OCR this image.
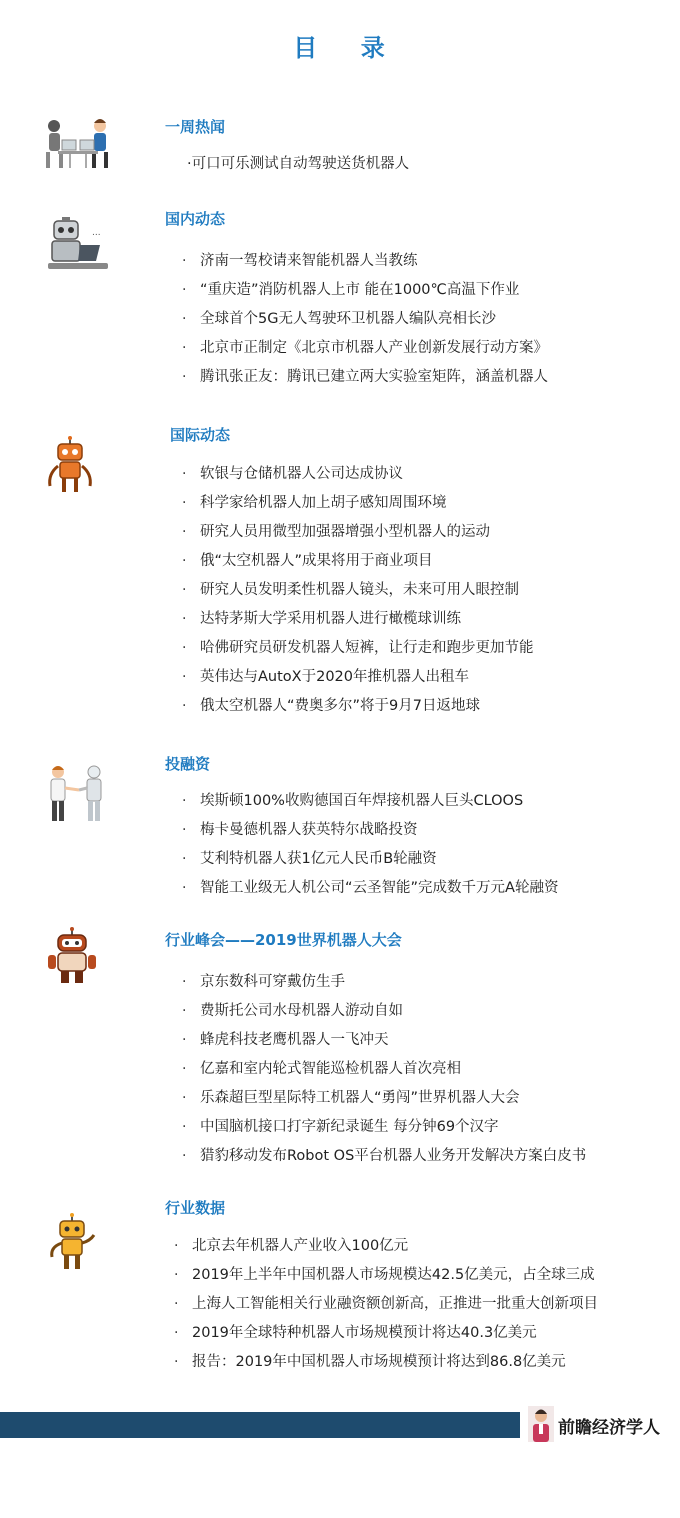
目    录
一周热闻
·可口可乐测试自动驾驶送货机器人
...
国内动态
· 济南一驾校请来智能机器人当教练
· “重庆造”消防机器人上市 能在1000℃高温下作业
· 全球首个5G无人驾驶环卫机器人编队亮相长沙
· 北京市正制定《北京市机器人产业创新发展行动方案》
· 腾讯张正友：腾讯已建立两大实验室矩阵，涵盖机器人
国际动态
· 软银与仓储机器人公司达成协议
· 科学家给机器人加上胡子感知周围环境
· 研究人员用微型加强器增强小型机器人的运动
· 俄“太空机器人”成果将用于商业项目
· 研究人员发明柔性机器人镜头，未来可用人眼控制
· 达特茅斯大学采用机器人进行橄榄球训练
· 哈佛研究员研发机器人短裤，让行走和跑步更加节能
· 英伟达与AutoX于2020年推机器人出租车
· 俄太空机器人“费奥多尔”将于9月7日返地球
投融资
· 埃斯顿100%收购德国百年焊接机器人巨头CLOOS
· 梅卡曼德机器人获英特尔战略投资
· 艾利特机器人获1亿元人民币B轮融资
· 智能工业级无人机公司“云圣智能”完成数千万元A轮融资
行业峰会——2019世界机器人大会
· 京东数科可穿戴仿生手
· 费斯托公司水母机器人游动自如
· 蜂虎科技老鹰机器人一飞冲天
· 亿嘉和室内轮式智能巡检机器人首次亮相
· 乐森超巨型星际特工机器人“勇闯”世界机器人大会
· 中国脑机接口打字新纪录诞生 每分钟69个汉字
· 猎豹移动发布Robot OS平台机器人业务开发解决方案白皮书
行业数据
· 北京去年机器人产业收入100亿元
· 2019年上半年中国机器人市场规模达42.5亿美元，占全球三成
· 上海人工智能相关行业融资额创新高，正推进一批重大创新项目
· 2019年全球特种机器人市场规模预计将达40.3亿美元
· 报告：2019年中国机器人市场规模预计将达到86.8亿美元
前瞻经济学人
